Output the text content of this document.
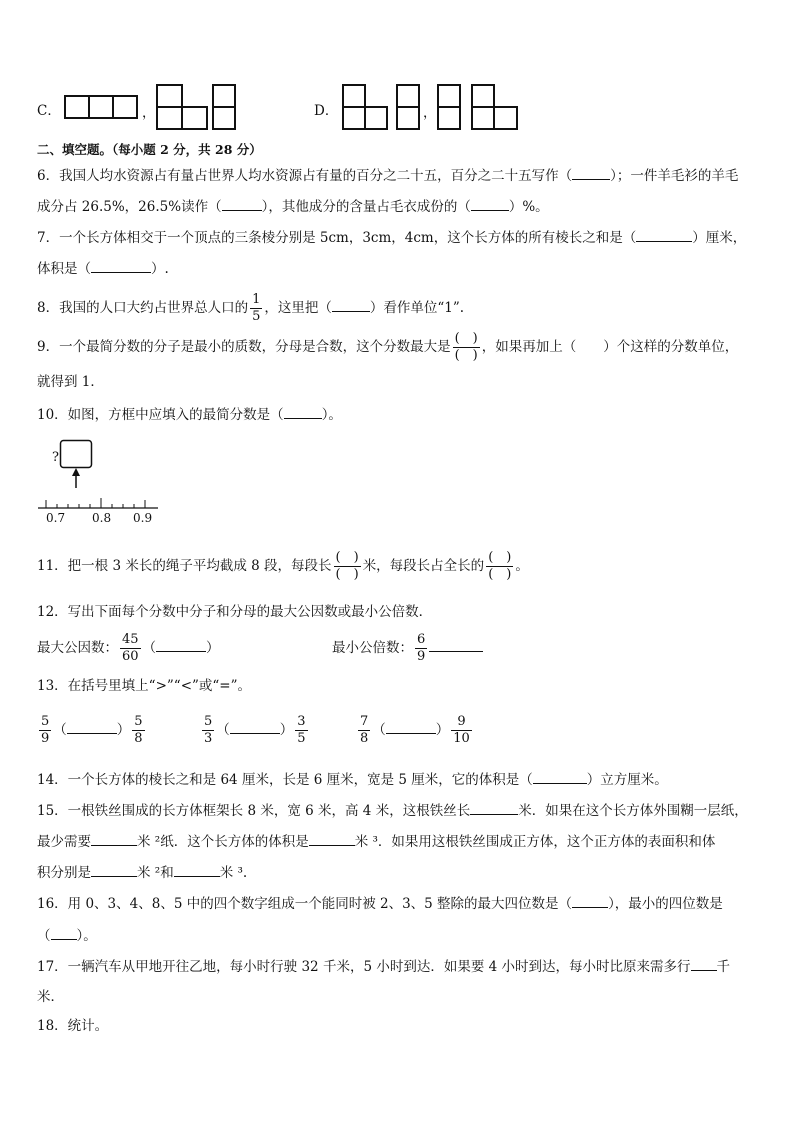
C．	，	D．	，
二、填空题。（每小题 2 分，共 28 分）
6．我国人均水资源占有量占世界人均水资源占有量的百分之二十五，百分之二十五写作（	）；一件羊毛衫的羊毛
成分占 26.5%，26.5%读作（	），其他成分的含量占毛衣成份的（	）%。
7．一个长方体相交于一个顶点的三条棱分别是 5cm，3cm，4cm，这个长方体的所有棱长之和是（	）厘米，
体积是（	）.
8．我国的人口大约占世界总人口的 $\frac{1}{5}$ ，这里把（	）看作单位“1”.
9．一个最简分数的分子是最小的质数，分母是合数，这个分数最大是 $\frac{( )}{( )}$ ，如果再加上（　　）个这样的分数单位，
就得到 1．
10．如图，方框中应填入的最简分数是（	）。
?
0.7 0.8 0.9
11．把一根 3 米长的绳子平均截成 8 段，每段长 $\frac{( )}{( )}$ 米，每段长占全长的 $\frac{( )}{( )}$ 。
12．写出下面每个分数中分子和分母的最大公因数或最小公倍数．
最大公因数： $\frac{45}{60}$ （	）	最小公倍数： $\frac{6}{9}$
13．在括号里填上“>”“<”或“=”。
$\frac{5}{9}$ （	） $\frac{5}{8}$	$\frac{5}{3}$ （	） $\frac{3}{5}$	$\frac{7}{8}$ （	） $\frac{9}{10}$
14．一个长方体的棱长之和是 64 厘米，长是 6 厘米，宽是 5 厘米，它的体积是（	）立方厘米。
15．一根铁丝围成的长方体框架长 8 米，宽 6 米，高 4 米，这根铁丝长	米．如果在这个长方体外围糊一层纸，
最少需要	米 ²纸．这个长方体的体积是	米 ³．如果用这根铁丝围成正方体，这个正方体的表面积和体
积分别是	米 ²和	米 ³.
16．用 0、3、4、8、5 中的四个数字组成一个能同时被 2、3、5 整除的最大四位数是（	），最小的四位数是
（ ）。
17．一辆汽车从甲地开往乙地，每小时行驶 32 千米，5 小时到达．如果要 4 小时到达，每小时比原来需多行 千
米．
18．统计。
